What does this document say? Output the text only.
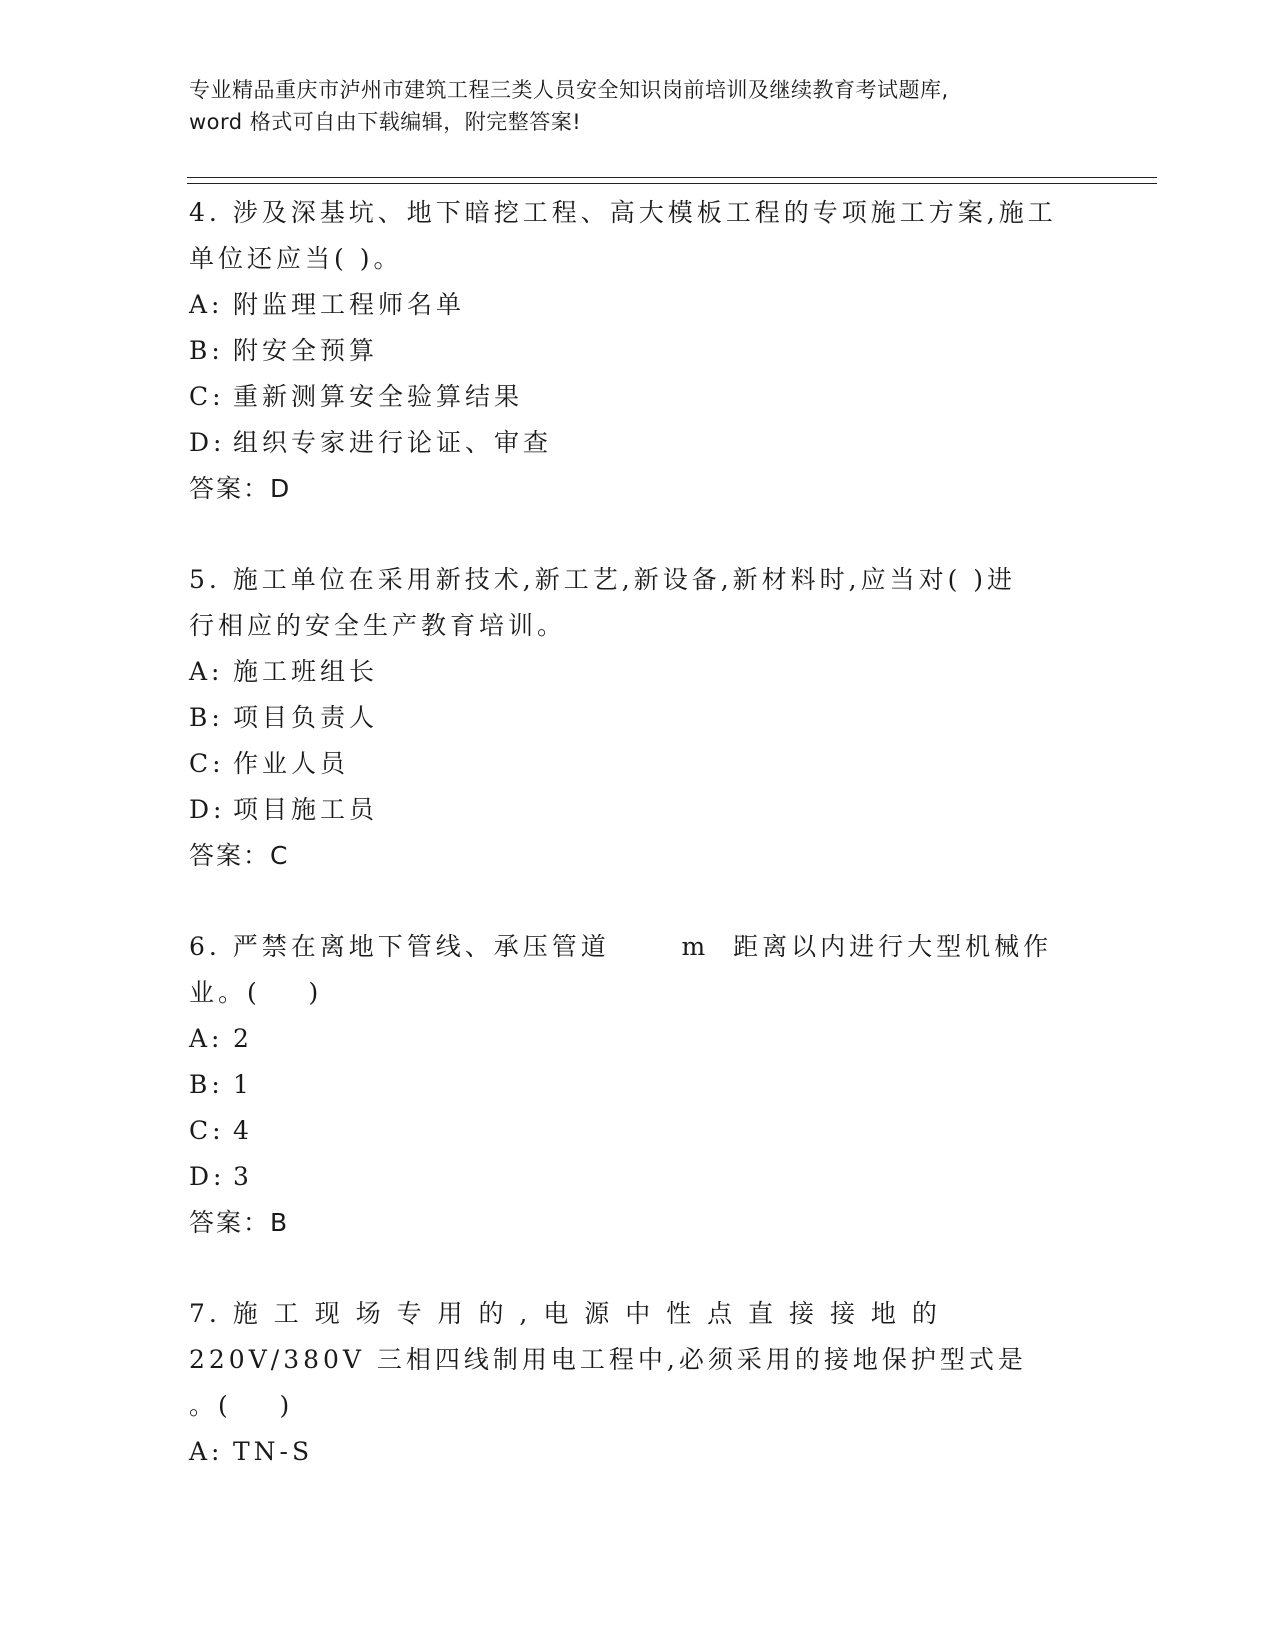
专业精品重庆市泸州市建筑工程三类人员安全知识岗前培训及继续教育考试题库,
word 格式可自由下载编辑，附完整答案!
4. 涉及深基坑、地下暗挖工程、高大模板工程的专项施工方案,施工
单位还应当( )。
A: 附监理工程师名单
B: 附安全预算
C: 重新测算安全验算结果
D: 组织专家进行论证、审查
答案：D
5. 施工单位在采用新技术,新工艺,新设备,新材料时,应当对( )进
行相应的安全生产教育培训。
A: 施工班组长
B: 项目负责人
C: 作业人员
D: 项目施工员
答案：C
6. 严禁在离地下管线、承压管道      m  距离以内进行大型机械作
业。(    )
A: 2
B: 1
C: 4
D: 3
答案：B
7. 施 工 现 场 专 用 的 , 电 源 中 性 点 直 接 接 地 的
220V/380V 三相四线制用电工程中,必须采用的接地保护型式是
。(    )
A: TN-S
